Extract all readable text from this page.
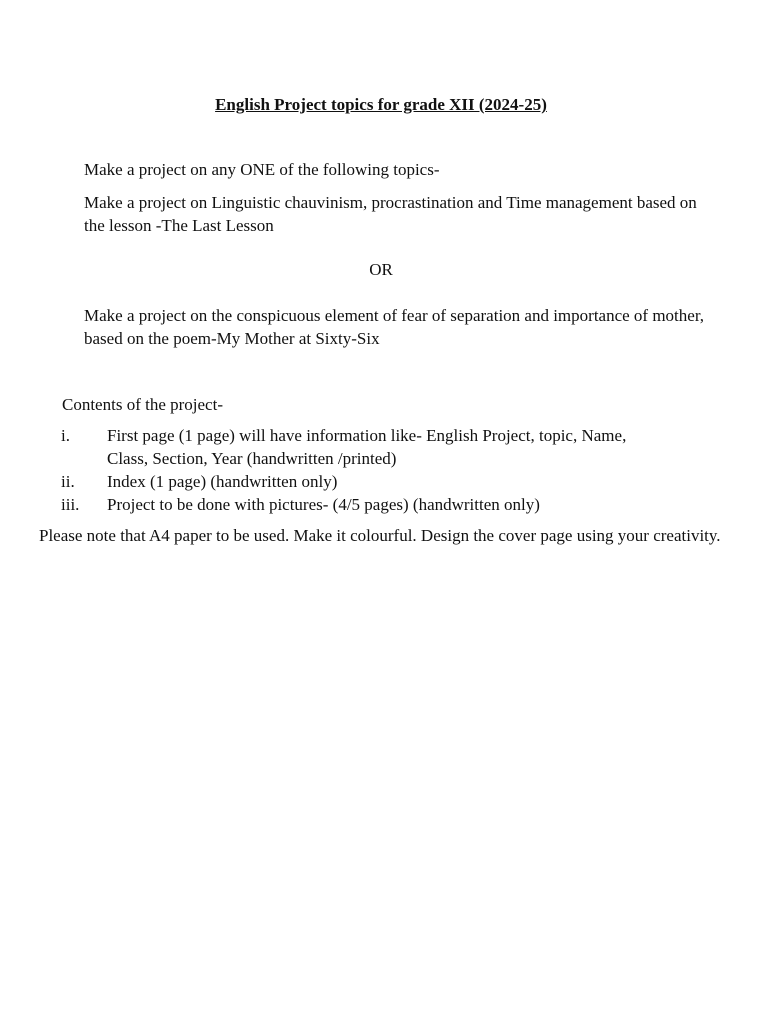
English Project topics for grade XII (2024-25)

Make a project on any ONE of the following topics-

Make a project on Linguistic chauvinism, procrastination and Time management based on the lesson -The Last Lesson

OR

Make a project on the conspicuous element of fear of separation and importance of mother, based on the poem-My Mother at Sixty-Six

Contents of the project-

i. First page (1 page) will have information like- English Project, topic, Name, Class, Section, Year (handwritten /printed)
ii. Index (1 page) (handwritten only)
iii. Project to be done with pictures- (4/5 pages) (handwritten only)

Please note that A4 paper to be used. Make it colourful. Design the cover page using your creativity.
